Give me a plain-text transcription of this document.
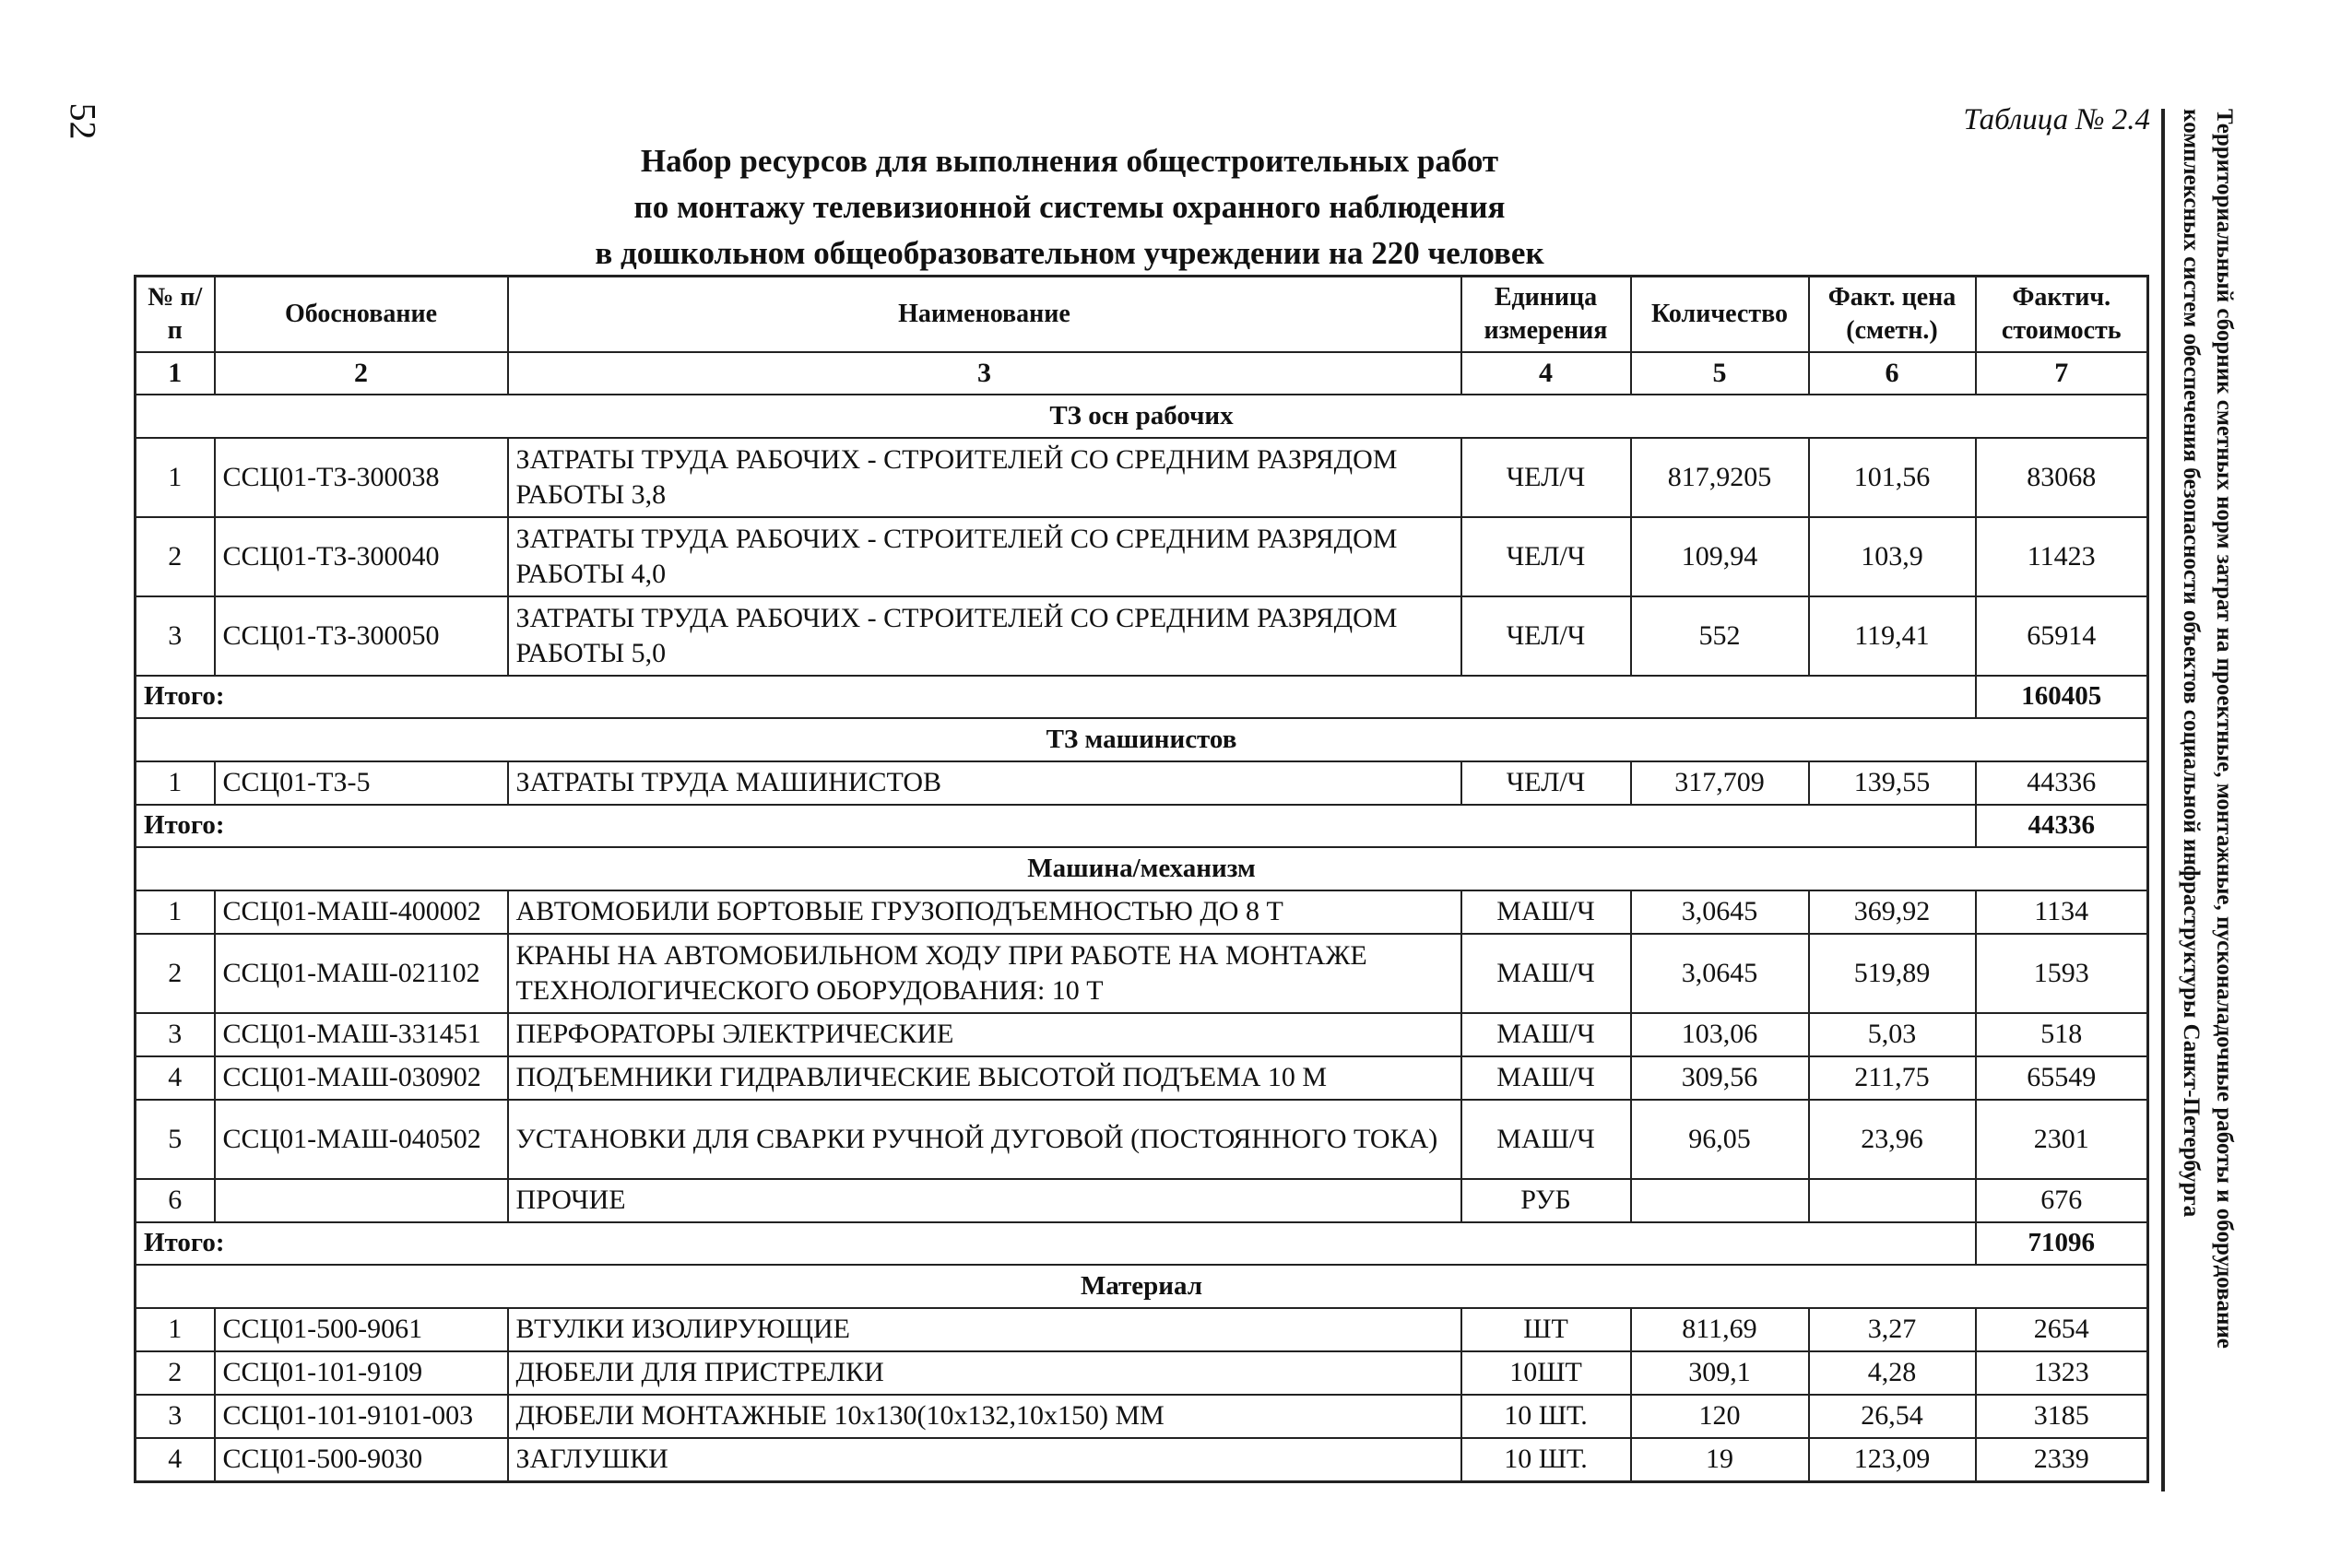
52	Таблица № 2.4
Набор ресурсов для выполнения общестроительных работ
по монтажу телевизионной системы охранного наблюдения
в дошкольном общеобразовательном учреждении на 220 человек	Территориальный сборник сметных норм затрат на проектные, монтажные, пусконаладочные работы и оборудование
комплексных систем обеспечения безопасности объектов социальной инфраструктуры Санкт-Петербурга
№ п/п	Обоснование	Наименование	Единица измерения	Количество	Факт. цена (сметн.)	Фактич. стоимость
1	2	3	4	5	6	7
ТЗ осн рабочих						
1	ССЦ01-ТЗ-300038	ЗАТРАТЫ ТРУДА РАБОЧИХ - СТРОИТЕЛЕЙ СО СРЕДНИМ РАЗРЯДОМ РАБОТЫ 3,8	ЧЕЛ/Ч	817,9205	101,56	83068
2	ССЦ01-ТЗ-300040	ЗАТРАТЫ ТРУДА РАБОЧИХ - СТРОИТЕЛЕЙ СО СРЕДНИМ РАЗРЯДОМ РАБОТЫ 4,0	ЧЕЛ/Ч	109,94	103,9	11423
3	ССЦ01-ТЗ-300050	ЗАТРАТЫ ТРУДА РАБОЧИХ - СТРОИТЕЛЕЙ СО СРЕДНИМ РАЗРЯДОМ РАБОТЫ 5,0	ЧЕЛ/Ч	552	119,41	65914
Итого:						160405
ТЗ машинистов						
1	ССЦ01-ТЗ-5	ЗАТРАТЫ ТРУДА МАШИНИСТОВ	ЧЕЛ/Ч	317,709	139,55	44336
Итого:						44336
Машина/механизм						
1	ССЦ01-МАШ-400002	АВТОМОБИЛИ БОРТОВЫЕ ГРУЗОПОДЪЕМНОСТЬЮ ДО 8 Т	МАШ/Ч	3,0645	369,92	1134
2	ССЦ01-МАШ-021102	КРАНЫ НА АВТОМОБИЛЬНОМ ХОДУ ПРИ РАБОТЕ НА МОНТАЖЕ ТЕХНОЛОГИЧЕСКОГО ОБОРУДОВАНИЯ: 10 Т	МАШ/Ч	3,0645	519,89	1593
3	ССЦ01-МАШ-331451	ПЕРФОРАТОРЫ ЭЛЕКТРИЧЕСКИЕ	МАШ/Ч	103,06	5,03	518
4	ССЦ01-МАШ-030902	ПОДЪЕМНИКИ ГИДРАВЛИЧЕСКИЕ ВЫСОТОЙ ПОДЪЕМА 10 М	МАШ/Ч	309,56	211,75	65549
5	ССЦ01-МАШ-040502	УСТАНОВКИ ДЛЯ СВАРКИ РУЧНОЙ ДУГОВОЙ (ПОСТОЯННОГО ТОКА)	МАШ/Ч	96,05	23,96	2301
6		ПРОЧИЕ	РУБ			676
Итого:						71096
Материал						
1	ССЦ01-500-9061	ВТУЛКИ ИЗОЛИРУЮЩИЕ	ШТ	811,69	3,27	2654
2	ССЦ01-101-9109	ДЮБЕЛИ ДЛЯ ПРИСТРЕЛКИ	10ШТ	309,1	4,28	1323
3	ССЦ01-101-9101-003	ДЮБЕЛИ МОНТАЖНЫЕ 10х130(10х132,10х150) ММ	10 ШТ.	120	26,54	3185
4	ССЦ01-500-9030	ЗАГЛУШКИ	10 ШТ.	19	123,09	2339
